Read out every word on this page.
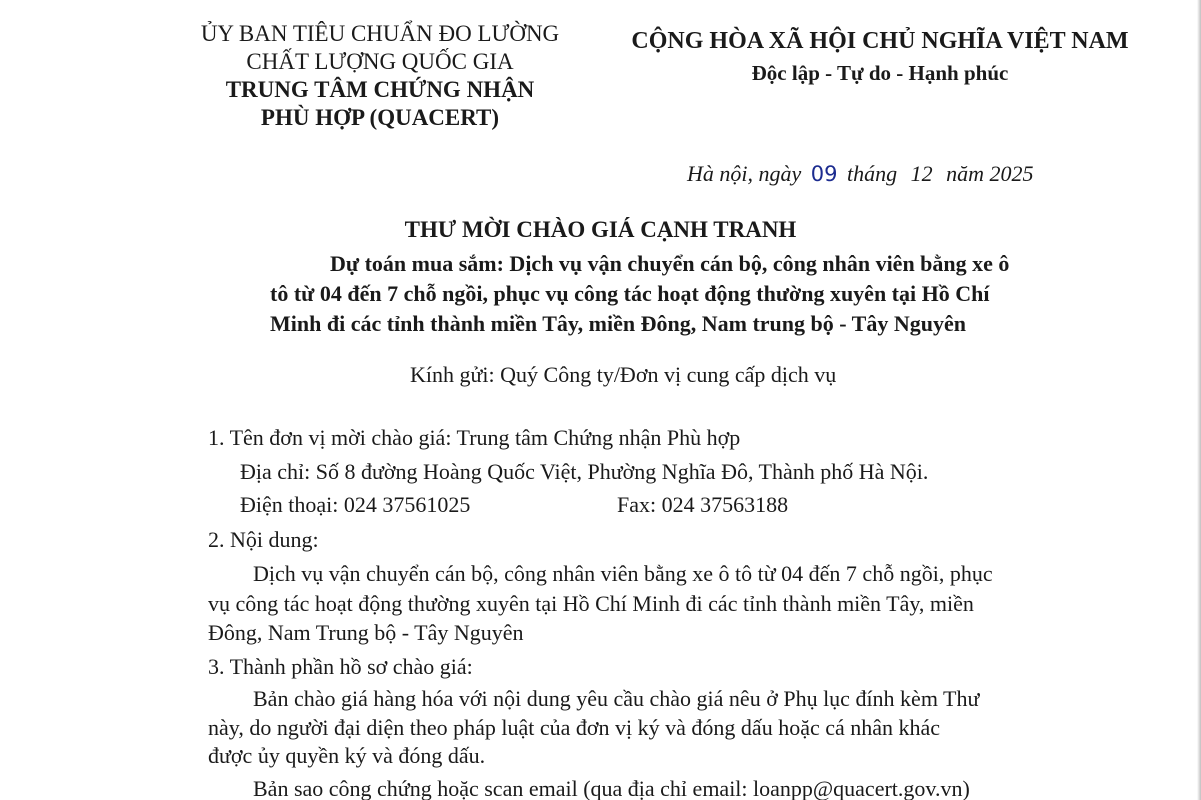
ỦY BAN TIÊU CHUẨN ĐO LƯỜNG
CHẤT LƯỢNG QUỐC GIA
TRUNG TÂM CHỨNG NHẬN
PHÙ HỢP (QUACERT)
CỘNG HÒA XÃ HỘI CHỦ NGHĨA VIỆT NAM
Độc lập - Tự do - Hạnh phúc
Hà nội, ngày 09 tháng 12 năm 2025
THƯ MỜI CHÀO GIÁ CẠNH TRANH
Dự toán mua sắm: Dịch vụ vận chuyển cán bộ, công nhân viên bằng xe ô
tô từ 04 đến 7 chỗ ngồi, phục vụ công tác hoạt động thường xuyên tại Hồ Chí
Minh đi các tỉnh thành miền Tây, miền Đông, Nam trung bộ - Tây Nguyên
Kính gửi: Quý Công ty/Đơn vị cung cấp dịch vụ
1. Tên đơn vị mời chào giá: Trung tâm Chứng nhận Phù hợp
Địa chỉ: Số 8 đường Hoàng Quốc Việt, Phường Nghĩa Đô, Thành phố Hà Nội.
Điện thoại: 024 37561025	Fax: 024 37563188
2. Nội dung:
Dịch vụ vận chuyển cán bộ, công nhân viên bằng xe ô tô từ 04 đến 7 chỗ ngồi, phục
vụ công tác hoạt động thường xuyên tại Hồ Chí Minh đi các tỉnh thành miền Tây, miền
Đông, Nam Trung bộ - Tây Nguyên
3. Thành phần hồ sơ chào giá:
Bản chào giá hàng hóa với nội dung yêu cầu chào giá nêu ở Phụ lục đính kèm Thư
này, do người đại diện theo pháp luật của đơn vị ký và đóng dấu hoặc cá nhân khác
được ủy quyền ký và đóng dấu.
Bản sao công chứng hoặc scan email (qua địa chỉ email: loanpp@quacert.gov.vn)
